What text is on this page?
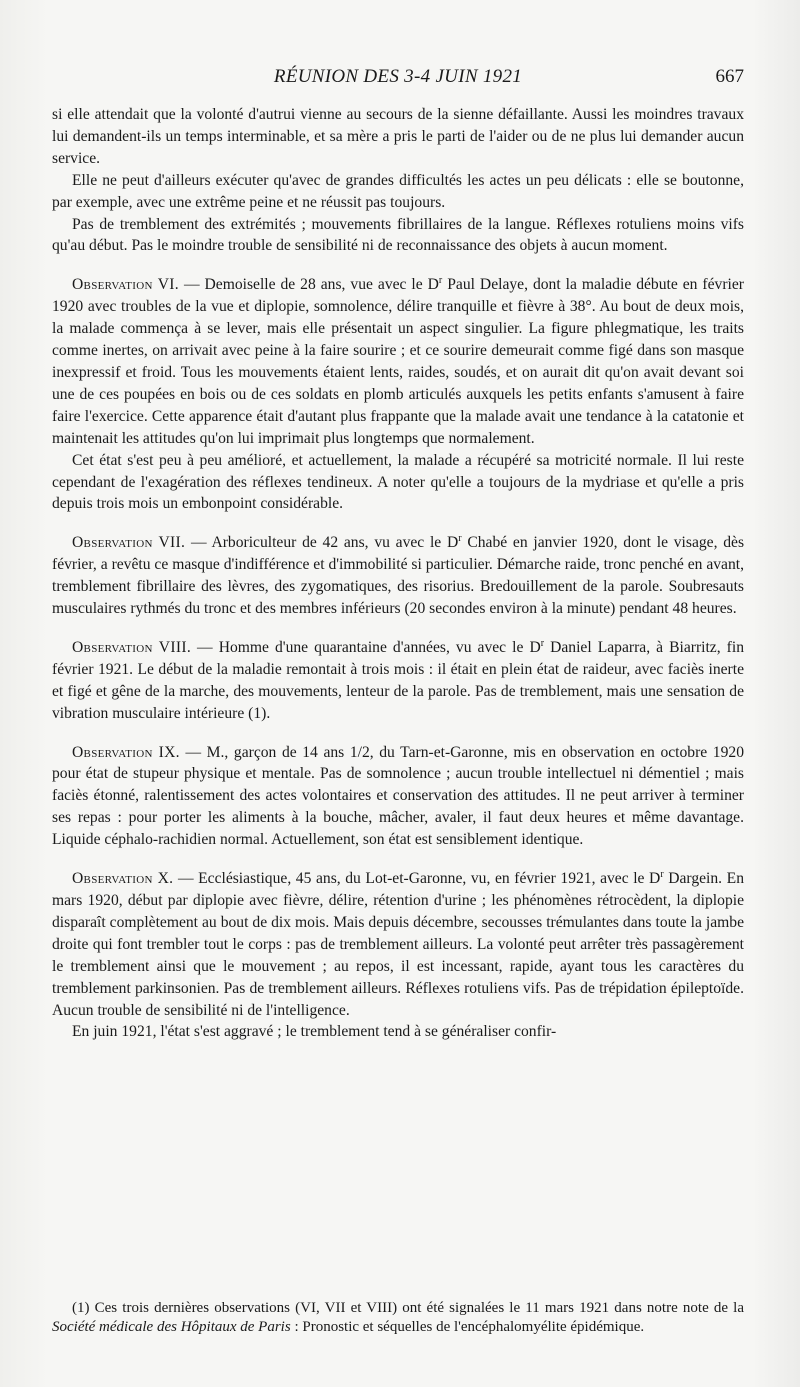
RÉUNION DES 3-4 JUIN 1921	667

si elle attendait que la volonté d'autrui vienne au secours de la sienne défaillante. Aussi les moindres travaux lui demandent-ils un temps interminable, et sa mère a pris le parti de l'aider ou de ne plus lui demander aucun service.

Elle ne peut d'ailleurs exécuter qu'avec de grandes difficultés les actes un peu délicats : elle se boutonne, par exemple, avec une extrême peine et ne réussit pas toujours.

Pas de tremblement des extrémités ; mouvements fibrillaires de la langue. Réflexes rotuliens moins vifs qu'au début. Pas le moindre trouble de sensibilité ni de reconnaissance des objets à aucun moment.

Observation VI. — Demoiselle de 28 ans, vue avec le $D^r$ Paul Delaye, dont la maladie débute en février 1920 avec troubles de la vue et diplopie, somnolence, délire tranquille et fièvre à 38°. Au bout de deux mois, la malade commença à se lever, mais elle présentait un aspect singulier. La figure phlegmatique, les traits comme inertes, on arrivait avec peine à la faire sourire ; et ce sourire demeurait comme figé dans son masque inexpressif et froid. Tous les mouvements étaient lents, raides, soudés, et on aurait dit qu'on avait devant soi une de ces poupées en bois ou de ces soldats en plomb articulés auxquels les petits enfants s'amusent à faire faire l'exercice. Cette apparence était d'autant plus frappante que la malade avait une tendance à la catatonie et maintenait les attitudes qu'on lui imprimait plus longtemps que normalement.

Cet état s'est peu à peu amélioré, et actuellement, la malade a récupéré sa motricité normale. Il lui reste cependant de l'exagération des réflexes tendineux. A noter qu'elle a toujours de la mydriase et qu'elle a pris depuis trois mois un embonpoint considérable.

Observation VII. — Arboriculteur de 42 ans, vu avec le $D^r$ Chabé en janvier 1920, dont le visage, dès février, a revêtu ce masque d'indifférence et d'immobilité si particulier. Démarche raide, tronc penché en avant, tremblement fibrillaire des lèvres, des zygomatiques, des risorius. Bredouillement de la parole. Soubresauts musculaires rythmés du tronc et des membres inférieurs (20 secondes environ à la minute) pendant 48 heures.

Observation VIII. — Homme d'une quarantaine d'années, vu avec le $D^r$ Daniel Laparra, à Biarritz, fin février 1921. Le début de la maladie remontait à trois mois : il était en plein état de raideur, avec faciès inerte et figé et gêne de la marche, des mouvements, lenteur de la parole. Pas de tremblement, mais une sensation de vibration musculaire intérieure (1).

Observation IX. — M., garçon de 14 ans 1/2, du Tarn-et-Garonne, mis en observation en octobre 1920 pour état de stupeur physique et mentale. Pas de somnolence ; aucun trouble intellectuel ni démentiel ; mais faciès étonné, ralentissement des actes volontaires et conservation des attitudes. Il ne peut arriver à terminer ses repas : pour porter les aliments à la bouche, mâcher, avaler, il faut deux heures et même davantage. Liquide céphalo-rachidien normal. Actuellement, son état est sensiblement identique.

Observation X. — Ecclésiastique, 45 ans, du Lot-et-Garonne, vu, en février 1921, avec le $D^r$ Dargein. En mars 1920, début par diplopie avec fièvre, délire, rétention d'urine ; les phénomènes rétrocèdent, la diplopie disparaît complètement au bout de dix mois. Mais depuis décembre, secousses trémulantes dans toute la jambe droite qui font trembler tout le corps : pas de tremblement ailleurs. La volonté peut arrêter très passagèrement le tremblement ainsi que le mouvement ; au repos, il est incessant, rapide, ayant tous les caractères du tremblement parkinsonien. Pas de tremblement ailleurs. Réflexes rotuliens vifs. Pas de trépidation épileptoïde. Aucun trouble de sensibilité ni de l'intelligence.

En juin 1921, l'état s'est aggravé ; le tremblement tend à se généraliser confir-

(1) Ces trois dernières observations (VI, VII et VIII) ont été signalées le 11 mars 1921 dans notre note de la Société médicale des Hôpitaux de Paris : Pronostic et séquelles de l'encéphalomyélite épidémique.
